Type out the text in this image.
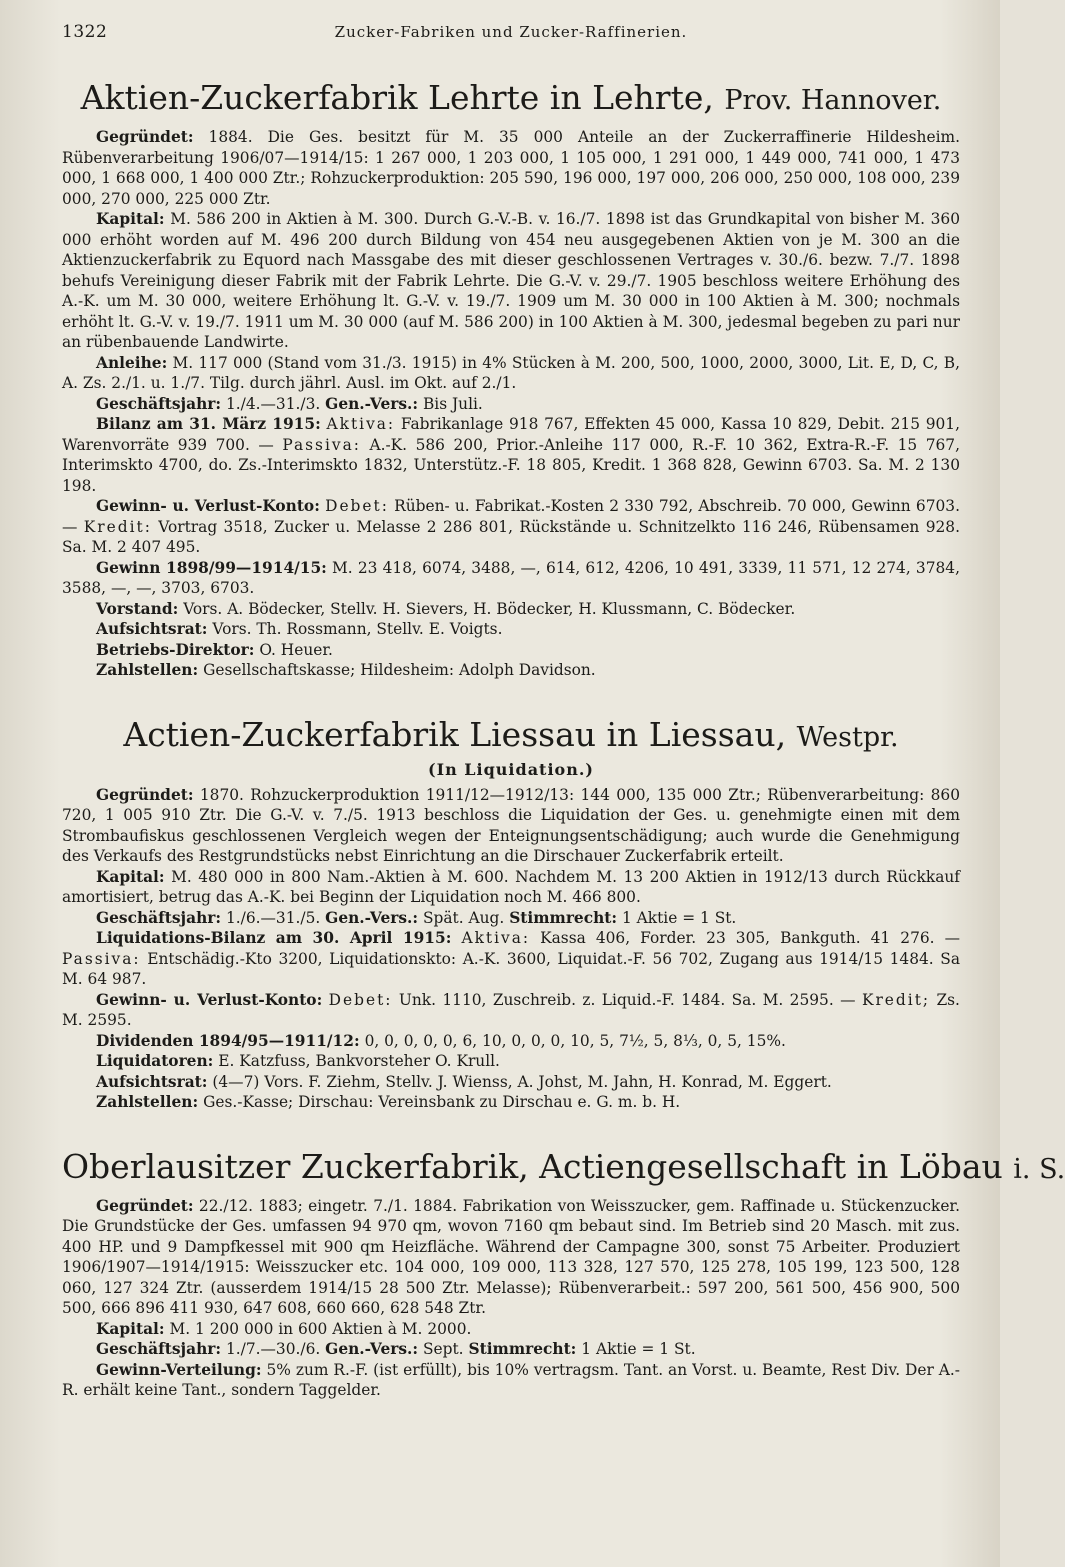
1322	Zucker-Fabriken und Zucker-Raffinerien.
Aktien-Zuckerfabrik Lehrte in Lehrte, Prov. Hannover.

Gegründet: 1884. Die Ges. besitzt für M. 35 000 Anteile an der Zuckerraffinerie Hildesheim. Rübenverarbeitung 1906/07—1914/15: 1 267 000, 1 203 000, 1 105 000, 1 291 000, 1 449 000, 741 000, 1 473 000, 1 668 000, 1 400 000 Ztr.; Rohzuckerproduktion: 205 590, 196 000, 197 000, 206 000, 250 000, 108 000, 239 000, 270 000, 225 000 Ztr.

Kapital: M. 586 200 in Aktien à M. 300. Durch G.-V.-B. v. 16./7. 1898 ist das Grundkapital von bisher M. 360 000 erhöht worden auf M. 496 200 durch Bildung von 454 neu ausgegebenen Aktien von je M. 300 an die Aktienzuckerfabrik zu Equord nach Massgabe des mit dieser geschlossenen Vertrages v. 30./6. bezw. 7./7. 1898 behufs Vereinigung dieser Fabrik mit der Fabrik Lehrte. Die G.-V. v. 29./7. 1905 beschloss weitere Erhöhung des A.-K. um M. 30 000, weitere Erhöhung lt. G.-V. v. 19./7. 1909 um M. 30 000 in 100 Aktien à M. 300; nochmals erhöht lt. G.-V. v. 19./7. 1911 um M. 30 000 (auf M. 586 200) in 100 Aktien à M. 300, jedesmal begeben zu pari nur an rübenbauende Landwirte.

Anleihe: M. 117 000 (Stand vom 31./3. 1915) in 4% Stücken à M. 200, 500, 1000, 2000, 3000, Lit. E, D, C, B, A. Zs. 2./1. u. 1./7. Tilg. durch jährl. Ausl. im Okt. auf 2./1.

Geschäftsjahr: 1./4.—31./3. Gen.-Vers.: Bis Juli.

Bilanz am 31. März 1915: Aktiva: Fabrikanlage 918 767, Effekten 45 000, Kassa 10 829, Debit. 215 901, Warenvorräte 939 700. — Passiva: A.-K. 586 200, Prior.-Anleihe 117 000, R.-F. 10 362, Extra-R.-F. 15 767, Interimskto 4700, do. Zs.-Interimskto 1832, Unterstütz.-F. 18 805, Kredit. 1 368 828, Gewinn 6703. Sa. M. 2 130 198.

Gewinn- u. Verlust-Konto: Debet: Rüben- u. Fabrikat.-Kosten 2 330 792, Abschreib. 70 000, Gewinn 6703. — Kredit: Vortrag 3518, Zucker u. Melasse 2 286 801, Rückstände u. Schnitzelkto 116 246, Rübensamen 928. Sa. M. 2 407 495.

Gewinn 1898/99—1914/15: M. 23 418, 6074, 3488, —, 614, 612, 4206, 10 491, 3339, 11 571, 12 274, 3784, 3588, —, —, 3703, 6703.

Vorstand: Vors. A. Bödecker, Stellv. H. Sievers, H. Bödecker, H. Klussmann, C. Bödecker.

Aufsichtsrat: Vors. Th. Rossmann, Stellv. E. Voigts.

Betriebs-Direktor: O. Heuer.

Zahlstellen: Gesellschaftskasse; Hildesheim: Adolph Davidson.

Actien-Zuckerfabrik Liessau in Liessau, Westpr.
(In Liquidation.)

Gegründet: 1870. Rohzuckerproduktion 1911/12—1912/13: 144 000, 135 000 Ztr.; Rübenverarbeitung: 860 720, 1 005 910 Ztr. Die G.-V. v. 7./5. 1913 beschloss die Liquidation der Ges. u. genehmigte einen mit dem Strombaufiskus geschlossenen Vergleich wegen der Enteignungsentschädigung; auch wurde die Genehmigung des Verkaufs des Restgrundstücks nebst Einrichtung an die Dirschauer Zuckerfabrik erteilt.

Kapital: M. 480 000 in 800 Nam.-Aktien à M. 600. Nachdem M. 13 200 Aktien in 1912/13 durch Rückkauf amortisiert, betrug das A.-K. bei Beginn der Liquidation noch M. 466 800.

Geschäftsjahr: 1./6.—31./5. Gen.-Vers.: Spät. Aug. Stimmrecht: 1 Aktie = 1 St.

Liquidations-Bilanz am 30. April 1915: Aktiva: Kassa 406, Forder. 23 305, Bankguth. 41 276. — Passiva: Entschädig.-Kto 3200, Liquidationskto: A.-K. 3600, Liquidat.-F. 56 702, Zugang aus 1914/15 1484. Sa M. 64 987.

Gewinn- u. Verlust-Konto: Debet: Unk. 1110, Zuschreib. z. Liquid.-F. 1484. Sa. M. 2595. — Kredit; Zs. M. 2595.

Dividenden 1894/95—1911/12: 0, 0, 0, 0, 0, 6, 10, 0, 0, 0, 10, 5, 7½, 5, 8⅓, 0, 5, 15%.

Liquidatoren: E. Katzfuss, Bankvorsteher O. Krull.

Aufsichtsrat: (4—7) Vors. F. Ziehm, Stellv. J. Wienss, A. Johst, M. Jahn, H. Konrad, M. Eggert.

Zahlstellen: Ges.-Kasse; Dirschau: Vereinsbank zu Dirschau e. G. m. b. H.

Oberlausitzer Zuckerfabrik, Actiengesellschaft in Löbau i. S.

Gegründet: 22./12. 1883; eingetr. 7./1. 1884. Fabrikation von Weisszucker, gem. Raffinade u. Stückenzucker. Die Grundstücke der Ges. umfassen 94 970 qm, wovon 7160 qm bebaut sind. Im Betrieb sind 20 Masch. mit zus. 400 HP. und 9 Dampfkessel mit 900 qm Heizfläche. Während der Campagne 300, sonst 75 Arbeiter. Produziert 1906/1907—1914/1915: Weisszucker etc. 104 000, 109 000, 113 328, 127 570, 125 278, 105 199, 123 500, 128 060, 127 324 Ztr. (ausserdem 1914/15 28 500 Ztr. Melasse); Rübenverarbeit.: 597 200, 561 500, 456 900, 500 500, 666 896 411 930, 647 608, 660 660, 628 548 Ztr.

Kapital: M. 1 200 000 in 600 Aktien à M. 2000.

Geschäftsjahr: 1./7.—30./6. Gen.-Vers.: Sept. Stimmrecht: 1 Aktie = 1 St.

Gewinn-Verteilung: 5% zum R.-F. (ist erfüllt), bis 10% vertragsm. Tant. an Vorst. u. Beamte, Rest Div. Der A.-R. erhält keine Tant., sondern Taggelder.
